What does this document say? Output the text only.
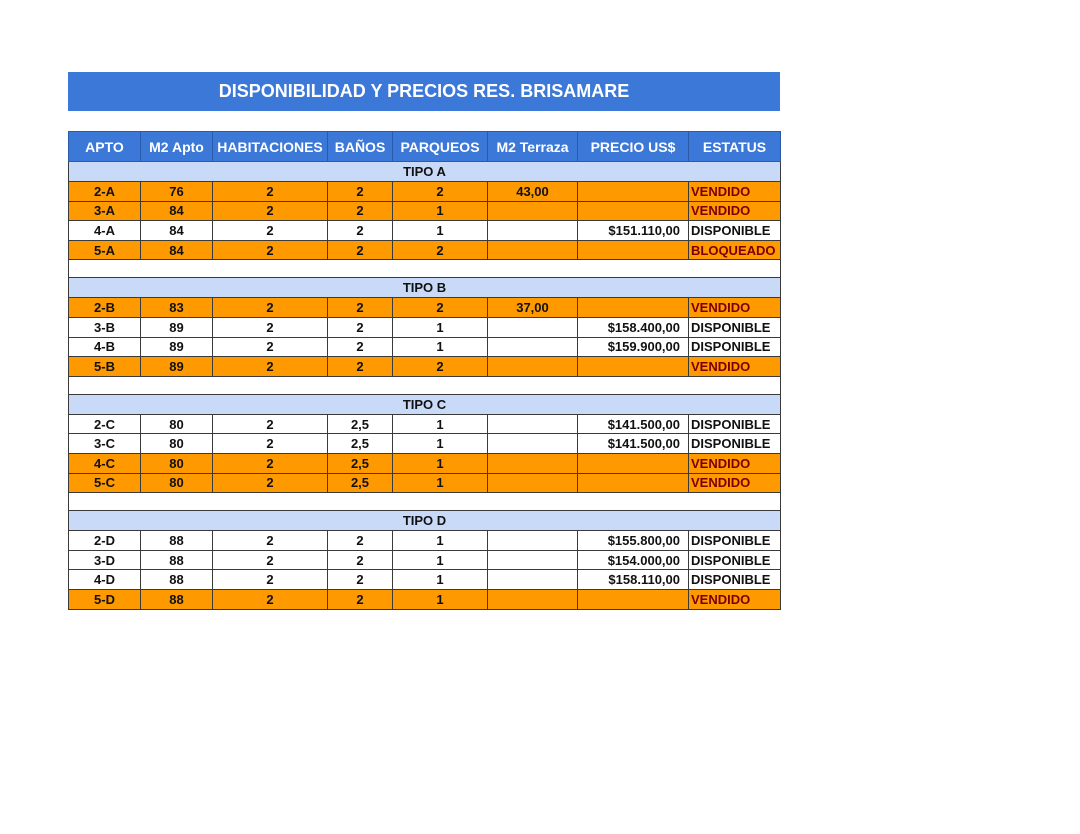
DISPONIBILIDAD Y PRECIOS RES. BRISAMARE
APTO	M2 Apto	HABITACIONES	BAÑOS	PARQUEOS	M2 Terraza	PRECIO US$	ESTATUS
TIPO A							
2-A	76	2	2	2	43,00		VENDIDO
3-A	84	2	2	1			VENDIDO
4-A	84	2	2	1		$151.110,00	DISPONIBLE
5-A	84	2	2	2			BLOQUEADO

TIPO B							
2-B	83	2	2	2	37,00		VENDIDO
3-B	89	2	2	1		$158.400,00	DISPONIBLE
4-B	89	2	2	1		$159.900,00	DISPONIBLE
5-B	89	2	2	2			VENDIDO

TIPO C							
2-C	80	2	2,5	1		$141.500,00	DISPONIBLE
3-C	80	2	2,5	1		$141.500,00	DISPONIBLE
4-C	80	2	2,5	1			VENDIDO
5-C	80	2	2,5	1			VENDIDO

TIPO D							
2-D	88	2	2	1		$155.800,00	DISPONIBLE
3-D	88	2	2	1		$154.000,00	DISPONIBLE
4-D	88	2	2	1		$158.110,00	DISPONIBLE
5-D	88	2	2	1			VENDIDO
